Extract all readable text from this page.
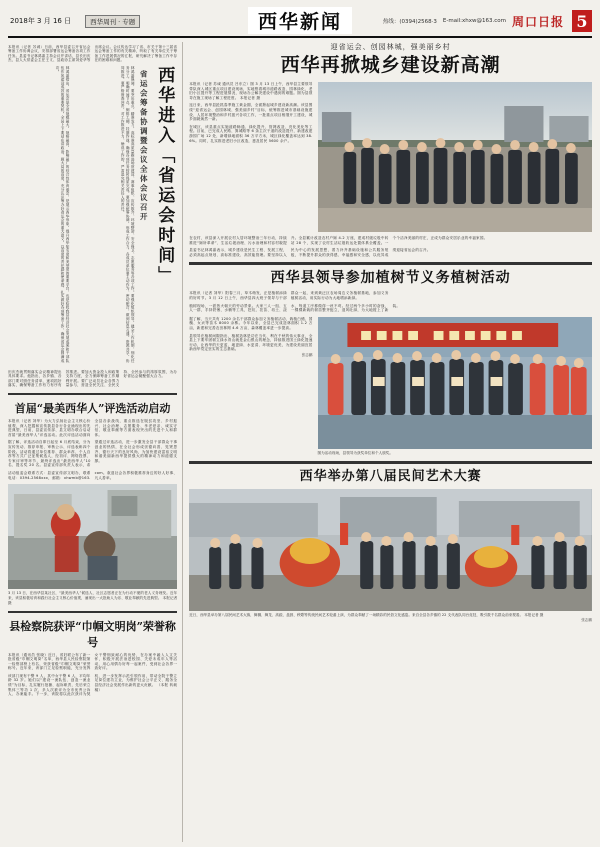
2018年 3 月 16 日	西华周刊 · 专题	西华新闻	热线：(0394)2568·3 E-mail:xhxw@163.com 周口日报 5
本报讯（记者 苏诚）日前，西华县委召开省运会筹备工作协调会议，安排部署省运会筹备各项工作任务。县委书记林鸿嘉主持会议并讲话，县长田庆杰、县人大常委会主任王义、县政协主席刘爱华等出席会议。会议传达学习了省、市关于第十三届省运会筹备工作的有关精神，听取了有关单位关于筹备工作进展情况的汇报，研究解决了筹备工作中存在的困难和问题。
林鸿嘉指出，省运会是全省规模最大、规格最高、影响最广的综合性体育盛会，是展示西华形象、提升西华知名度和美誉度的重要平台，也是检验我县经济社会发展成果和干部队伍作风建设成效的重要契机。全县上下要站在讲政治、顾大局的高度，充分认识筹办好省运会的重大意义，以高度的责任感和使命感，扎实做好各项筹备工作，确保省运会圆满成功。	林鸿嘉强调，要突出重点，精准发力，高标准高质量推进场馆建设、赛事组织、宣传推介、环境整治、安全保卫、志愿服务等各项工作。要强化组织领导，健全工作机制，细化任务分工，明确时间节点，倒排工期、挂图作战，确保各项任务按时保质完成。要加强统筹协调，形成工作合力，各成员单位要主动作为、密切配合，做到信息互通、资源共享、协同推进。要严格督查问责，对工作推进不力、贻误工作的，严肃追究相关责任人的责任。	省运会筹备协调暨会议全体会议召开 西华进入「省运会时间」
田庆杰就贯彻落实会议精神提出具体要求。他指出，各乡镇、各部门要对照任务清单，逐项抓好落实，确保筹备工作有力有序有效推进。要加大资金投入和政策支持力度，全力保障筹备工作顺利开展。要广泛动员社会各界力量参与，营造全民关注、全民支持、全民参与的浓厚氛围，为办好省运会凝聚强大合力。
首届“最美西华人”评选活动启动
本报讯（记者 刘华）为大力弘扬社会主义核心价值观，深入挖掘和宣传我县各行各业涌现出的先进典型，日前，县委宣传部、县文明办联合启动首届“最美西华人”评选活动。此次评选活动面向全县各条战线，重点推选在脱贫攻坚、乡村振兴、社会治理、志愿服务、孝老爱亲、诚实守信、敬业奉献等方面表现突出的先进个人和群体。
据了解，评选活动自即日起至 6 月底结束，分为宣传发动、推荐申报、审核公示、评选表彰四个阶段。活动将通过单位推荐、群众举荐、个人自荐等方式广泛征集候选人，经初评、网络投票、专家评审等环节，最终评选出“最美西华人”10 名、提名奖 20 名。县委宣传部负责人表示，希望通过评选活动，进一步激发全县干部群众干事创业的热情，在全社会形成崇德向善、见贤思齐、德行天下的良好风尚，为加快建设富裕文明和谐美丽新西华提供强大的精神动力和道德支撑。
活动组委会联系方式：县委宣传部文明办，联系电话：0394-2568xxx，邮箱：xhwmb@163.com。欢迎社会各界积极推荐身边的好人好事、凡人善举。
3 月 13 日，在西华县某社区，“最美西华人”候选人、社区志愿者正在为行动不便的老人义务理发。近年来，该县积极培育和践行社会主义核心价值观，涌现出一大批助人为乐、敬业奉献的先进典型。 本报记者 摄
县检察院获评“巾帼文明岗”荣誉称号
本报讯（通讯员 张晓）近日，省妇联公布了新一批省级“巾帼文明岗”名单，西华县人民检察院第一检察部榜上有名，荣获省级“巾帼文明岗”荣誉称号。近年来，该部门立足检察职能，充分发挥女干警细致耐心的优势，在办案中融入人文关怀，积极开展法治进校园、关爱未成年人等活动，用心用情办好每一起案件，受到社会各界一致好评。
该部门现有干警 9 人，其中女干警 6 人，平均年龄 32 岁。她们以“建设一流队伍、创造一流业绩”为目标，扎实履行批捕、起诉职责，先后荣立集体三等功 1 次，多人次被评为全市优秀公诉人、办案能手。下一步，该院将以此次获评为契机，进一步发挥示范引领作用，带动全院干警立足岗位建功立业，为维护社会公平正义、服务全县经济社会发展作出新的更大贡献。 （本报 转载稿）
迎省运会、创园林城，强美丽乡村
西华再掀城乡建设新高潮
本报讯（记者 苏诚 通讯员 吕东立）图 3 月 13 日上午，西华县主要领导带队深入城区重点项目建设现场，实地察看城市道路改造、园林绿化、老旧小区提升等工程进展情况，现场办公解决建设中遇到的难题。图为县领导在施工现场了解工程进度。 本报记者 摄
连日来，西华县抢抓春季施工黄金期，全面掀起城乡建设新高潮。该县围绕“迎省运会、创园林城、强美丽乡村”目标，统筹推进城市基础设施建设、人居环境整治和乡村振兴各项工作，一批重点项目相继开工建设，城乡面貌焕然一新。
在城区，该县重点实施道路畅通、绿化提升、管网改造、亮化美化等工程。目前，已完成人民路、箕城路等 6 条主次干道的改造提升，新建改建游园广场 12 处，新增绿地面积 36 万平方米，城区绿化覆盖率达到 38.6%。同时，扎实推进老旧小区改造，惠及居民 5600 余户。
在农村，该县深入开展农村人居环境整治三年行动，持续推进“厕所革命”、生活垃圾治理、污水治理和村容村貌提升。全县累计改造农村户厕 4.2 万座，建成村级垃圾中转站 28 个，实现了农村生活垃圾收运处置体系全覆盖。一个个洁净美丽的村庄，正成为群众安居乐业的幸福家园。
县委书记林鸿嘉表示，城乡建设是民生工程、发展工程，必须高起点规划、高标准建设、高效能管理。要坚持以人民为中心的发展思想，着力补齐基础设施和公共服务短板，不断提升群众的获得感、幸福感和安全感，以优异成绩迎接省运会的召开。
西华县领导参加植树节义务植树活动
本报讯（记者 刘华）阳春三月，草木萌发，正是植树添绿的好时节。3 月 12 日上午，西华县四大班子领导与干部群众一起，来到黄泛区农场周边义务植树基地，参加义务植树活动，用实际行动为大地增添新绿。
植树现场，一派热火朝天的劳动景象。大家三人一组、五人一群，手持铁锹、水桶等工具，挖坑、扶苗、培土、浇水，每道工序都做得一丝不苟。经过两个多小时的奋战，一棵棵新栽的树苗整齐挺立，迎风吐绿，为大地披上了新装。
据了解，当天共有 1200 余名干部群众参加义务植树活动，栽植白蜡、国槐、女贞等苗木 8000 余株。今年以来，全县已完成造林面积 1.2 万亩，新建和完善农田林网 4.6 万亩，森林覆盖率进一步提高。
县领导在植树间隙指出，植树造林是功在当代、利在千秋的伟大事业，全县上下要牢固树立绿水青山就是金山银山的理念，持续推进国土绿化提速行动，让西华的天更蓝、地更绿、水更清、环境更优美，为建设美丽宜居新西华奠定坚实的生态基础。
张志鹏
图为活动现场，县领导为获奖单位和个人颁奖。
西华举办第八届民间艺术大赛
近日，西华县举办第八届民间艺术大赛，舞狮、舞龙、高跷、盘鼓、秧歌等传统民间艺术轮番上演，为群众奉献了一场精彩的民俗文化盛宴。来自全县各乡镇的 22 支代表队同台竞技，吸引数千名群众前来观看。 本报记者 摄
张志鹏
